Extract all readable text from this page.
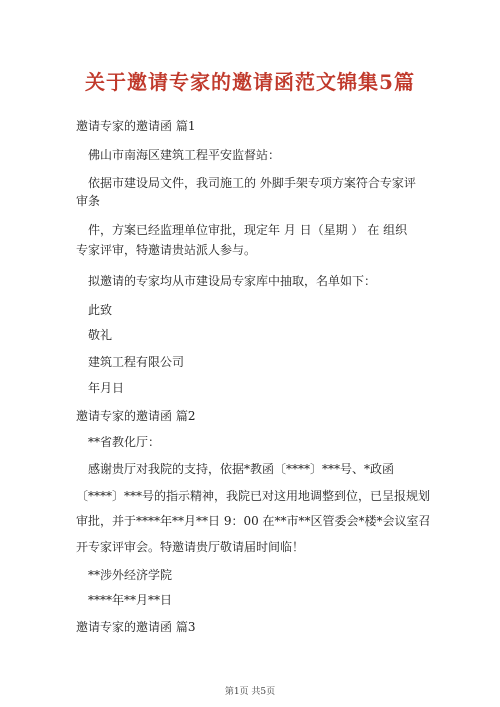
关于邀请专家的邀请函范文锦集5篇
邀请专家的邀请函 篇1
佛山市南海区建筑工程平安监督站：
依据市建设局文件，我司施工的 外脚手架专项方案符合专家评
审条
件，方案已经监理单位审批，现定年 月 日（星期 ） 在 组织
专家评审，特邀请贵站派人参与。
拟邀请的专家均从市建设局专家库中抽取，名单如下：
此致
敬礼
建筑工程有限公司
年月日
邀请专家的邀请函 篇2
**省教化厅：
感谢贵厅对我院的支持，依据*教函〔****〕***号、*政函
〔****〕***号的指示精神，我院已对这用地调整到位，已呈报规划
审批，并于****年**月**日 9：00 在**市**区管委会*楼*会议室召
开专家评审会。特邀请贵厅敬请届时间临！
**涉外经济学院
****年**月**日
邀请专家的邀请函 篇3
第1页 共5页
